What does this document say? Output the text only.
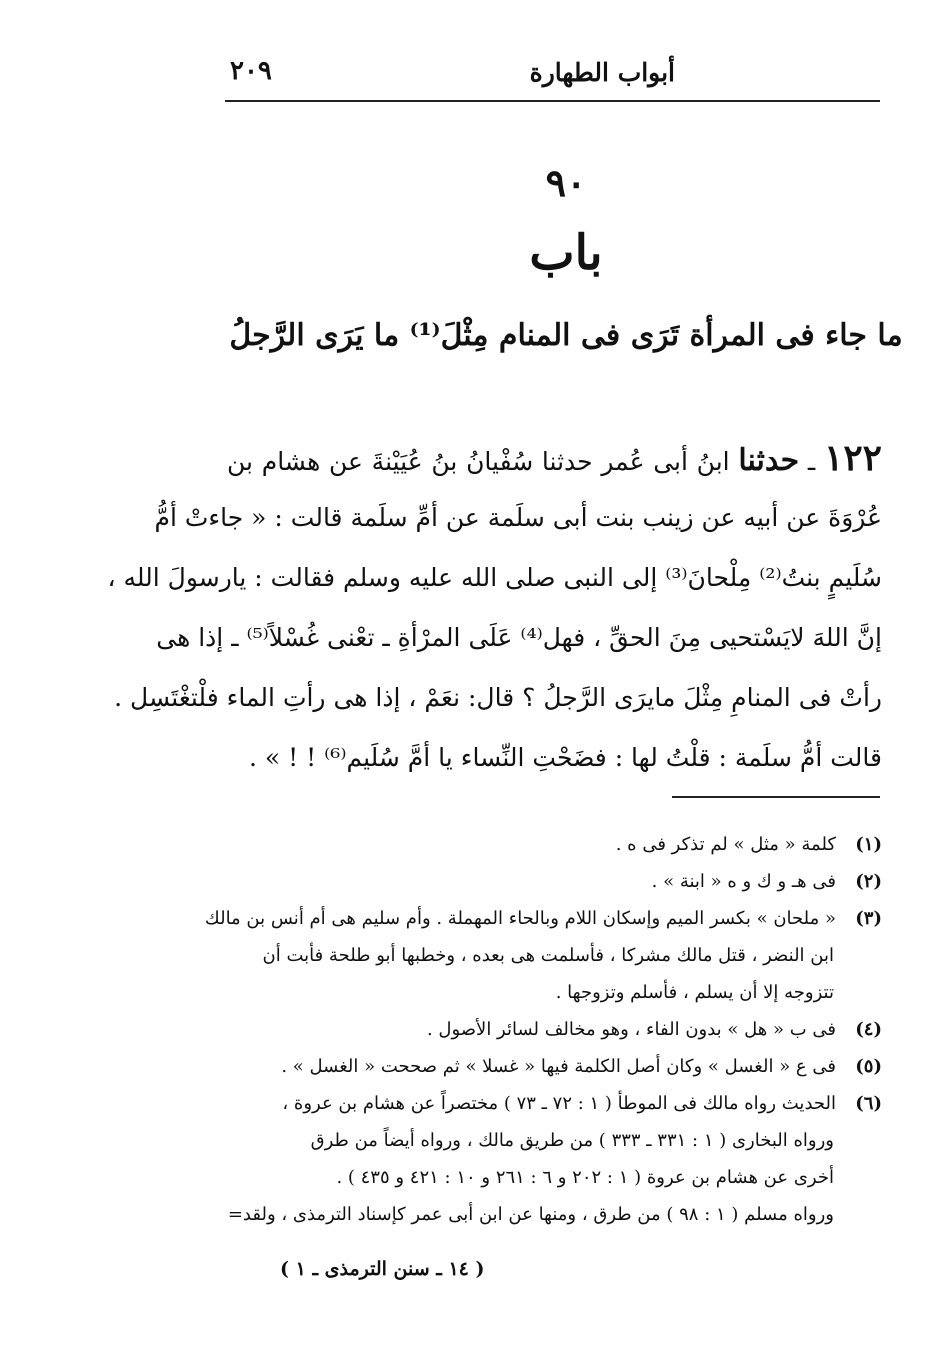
أبواب الطهارة
٢٠٩
٩٠
باب
ما جاء فى المرأة تَرَى فى المنام مِثْلَ⁽¹⁾ ما يَرَى الرَّجلُ
١٢٢ ـ حدثنا ابنُ أبى عُمر حدثنا سُفْيانُ بنُ عُيَيْنةَ عن هشام بن
عُرْوَةَ عن أبيه عن زينب بنت أبى سلَمة عن أمِّ سلَمة قالت : « جاءتْ أمُّ
سُلَيمٍ بنتُ⁽²⁾ مِلْحانَ⁽³⁾ إلى النبى صلى الله عليه وسلم فقالت : يارسولَ الله ،
إنَّ اللهَ لايَسْتحيى مِنَ الحقِّ ، فهل⁽⁴⁾ عَلَى المرْأةِ ـ تعْنى غُسْلاً⁽⁵⁾ ـ إذا هى
رأتْ فى المنامِ مِثْلَ مايرَى الرَّجلُ ؟ قال: نعَمْ ، إذا هى رأتِ الماء فلْتغْتَسِل .
قالت أمُّ سلَمة : قلْتُ لها : فضَحْتِ النِّساء يا أمَّ سُلَيم⁽⁶⁾ ! ! » .
(١)كلمة « مثل » لم تذكر فى ه .
(٢)فى هـ و ك و ه « ابنة » .
(٣)« ملحان » بكسر الميم وإسكان اللام وبالحاء المهملة . وأم سليم هى أم أنس بن مالك
ابن النضر ، قتل مالك مشركا ، فأسلمت هى بعده ، وخطبها أبو طلحة فأبت أن
تتزوجه إلا أن يسلم ، فأسلم وتزوجها .
(٤)فى ب « هل » بدون الفاء ، وهو مخالف لسائر الأصول .
(٥)فى ع « الغسل » وكان أصل الكلمة فيها « غسلا » ثم صححت « الغسل » .
(٦)الحديث رواه مالك فى الموطأ ( ١ : ٧٢ ـ ٧٣ ) مختصراً عن هشام بن عروة ،
ورواه البخارى ( ١ : ٣٣١ ـ ٣٣٣ ) من طريق مالك ، ورواه أيضاً من طرق
أخرى عن هشام بن عروة ( ١ : ٢٠٢ و ٦ : ٢٦١ و ١٠ : ٤٢١ و ٤٣٥ ) .
ورواه مسلم ( ١ : ٩٨ ) من طرق ، ومنها عن ابن أبى عمر كإسناد الترمذى ، ولقد=
( ١٤ ـ سنن الترمذى ـ ١ )
